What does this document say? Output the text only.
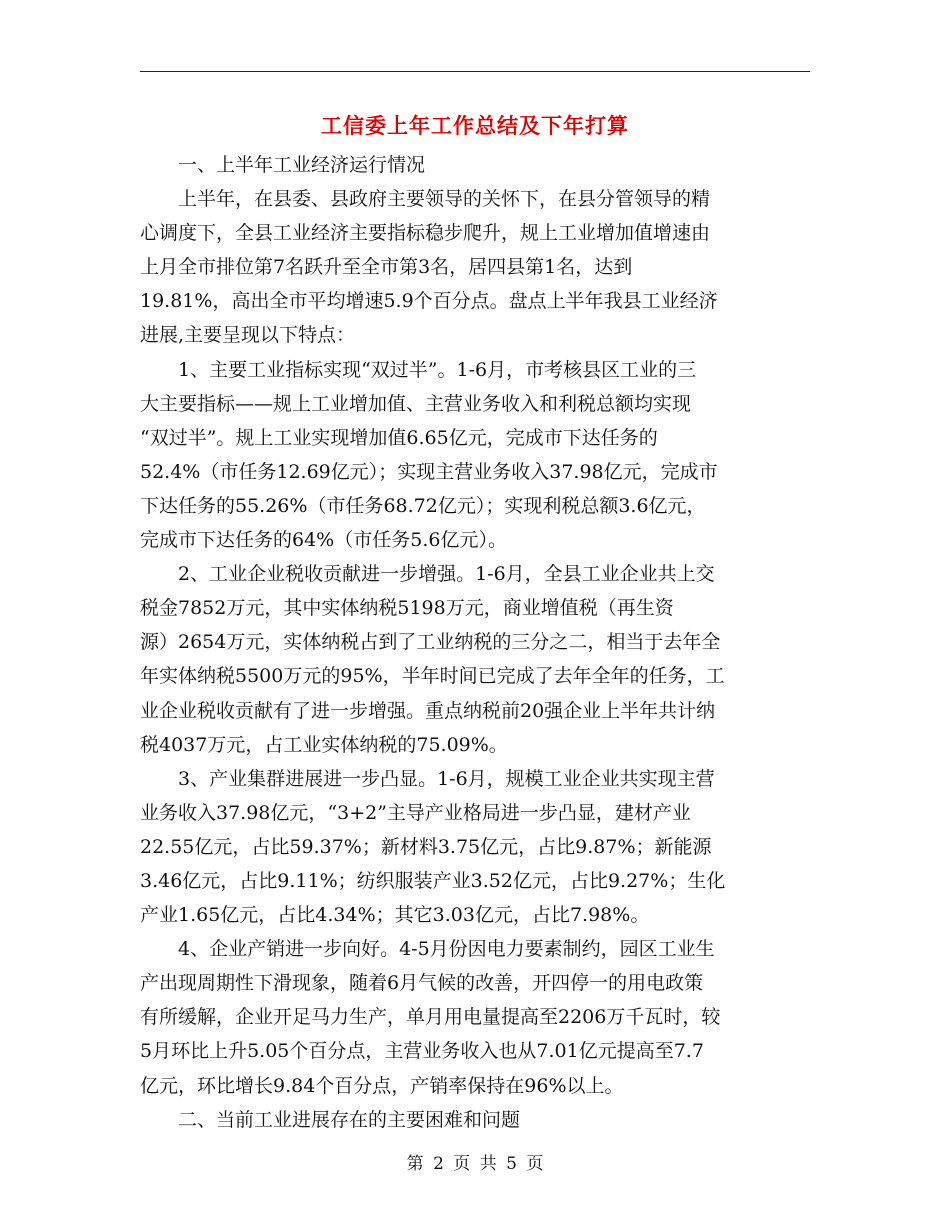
工信委上年工作总结及下年打算
　　一、上半年工业经济运行情况
　　上半年，在县委、县政府主要领导的关怀下，在县分管领导的精
心调度下，全县工业经济主要指标稳步爬升，规上工业增加值增速由
上月全市排位第7名跃升至全市第3名，居四县第1名，达到
19.81%，高出全市平均增速5.9个百分点。盘点上半年我县工业经济
进展,主要呈现以下特点：
　　1、主要工业指标实现“双过半”。1-6月，市考核县区工业的三
大主要指标——规上工业增加值、主营业务收入和利税总额均实现
“双过半”。规上工业实现增加值6.65亿元，完成市下达任务的
52.4%（市任务12.69亿元）；实现主营业务收入37.98亿元，完成市
下达任务的55.26%（市任务68.72亿元）；实现利税总额3.6亿元，
完成市下达任务的64%（市任务5.6亿元）。
　　2、工业企业税收贡献进一步增强。1-6月，全县工业企业共上交
税金7852万元，其中实体纳税5198万元，商业增值税（再生资
源）2654万元，实体纳税占到了工业纳税的三分之二，相当于去年全
年实体纳税5500万元的95%，半年时间已完成了去年全年的任务，工
业企业税收贡献有了进一步增强。重点纳税前20强企业上半年共计纳
税4037万元，占工业实体纳税的75.09%。
　　3、产业集群进展进一步凸显。1-6月，规模工业企业共实现主营
业务收入37.98亿元，“3+2”主导产业格局进一步凸显，建材产业
22.55亿元，占比59.37%；新材料3.75亿元，占比9.87%；新能源
3.46亿元，占比9.11%；纺织服装产业3.52亿元，占比9.27%；生化
产业1.65亿元，占比4.34%；其它3.03亿元，占比7.98%。
　　4、企业产销进一步向好。4-5月份因电力要素制约，园区工业生
产出现周期性下滑现象，随着6月气候的改善，开四停一的用电政策
有所缓解，企业开足马力生产，单月用电量提高至2206万千瓦时，较
5月环比上升5.05个百分点，主营业务收入也从7.01亿元提高至7.7
亿元，环比增长9.84个百分点，产销率保持在96%以上。
　　二、当前工业进展存在的主要困难和问题
第 2 页 共 5 页
